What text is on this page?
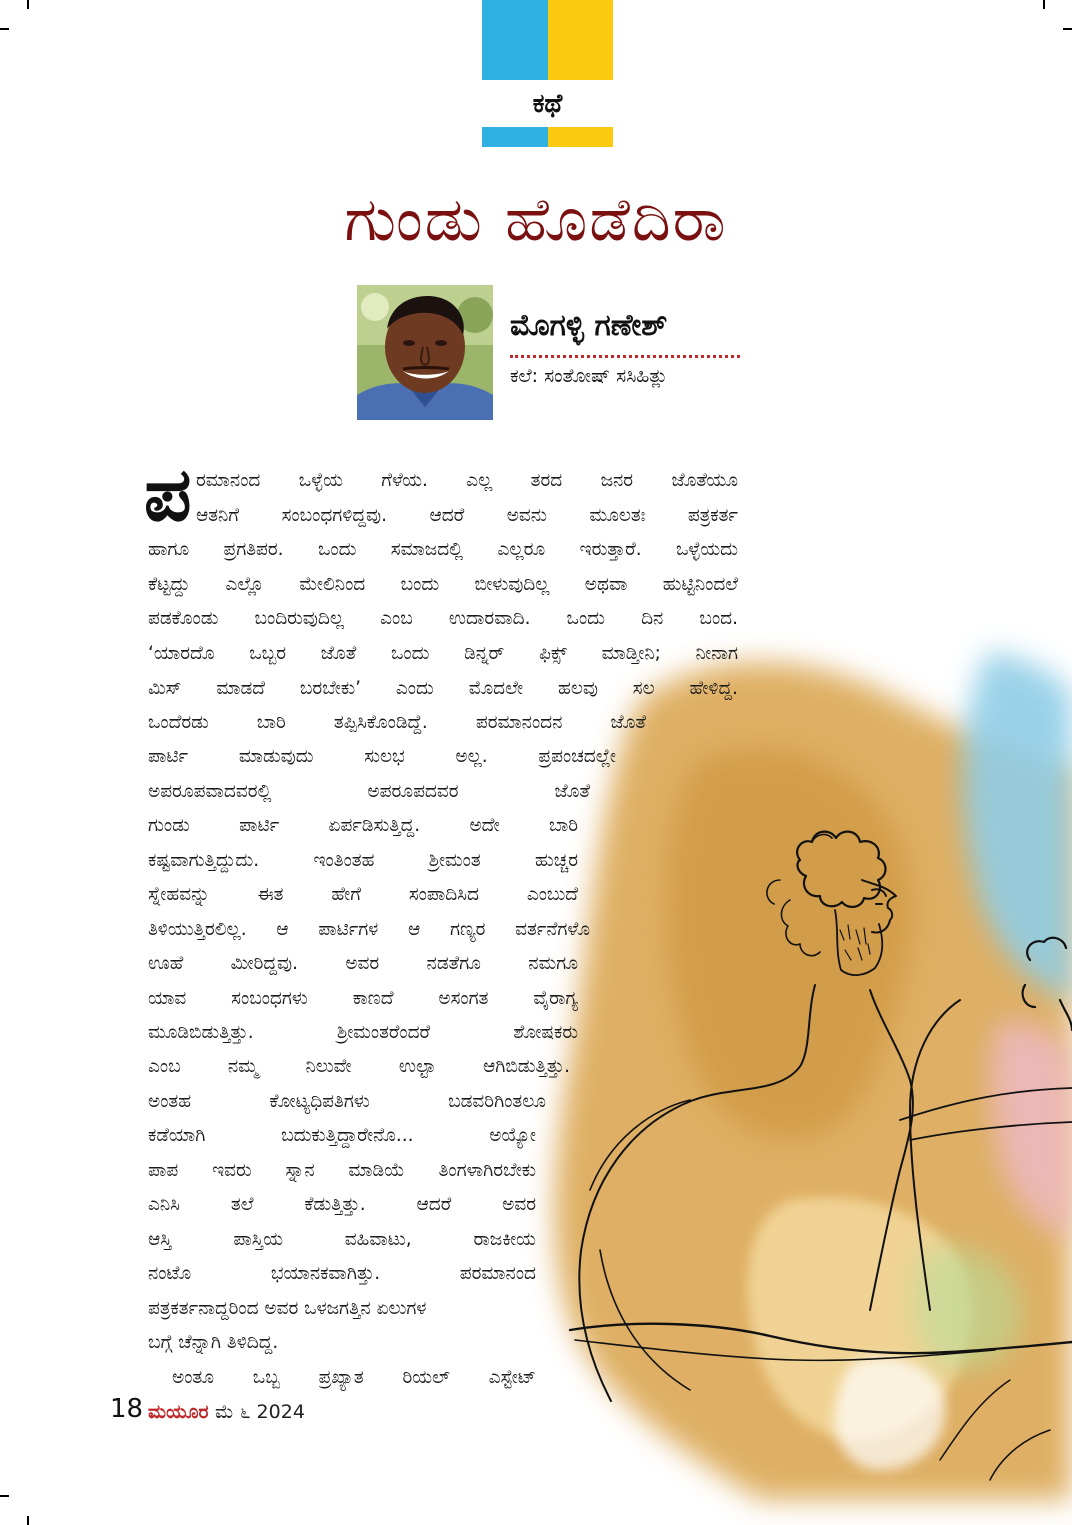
ಕಥೆ
ಗುಂಡು ಹೊಡೆದಿರಾ
ಮೊಗಳ್ಳಿ ಗಣೇಶ್
ಕಲೆ: ಸಂತೋಷ್ ಸಸಿಹಿತ್ಲು
ಪ ರಮಾನಂದ ಒಳ್ಳೆಯ ಗೆಳೆಯ. ಎಲ್ಲ ತರದ ಜನರ ಜೊತೆಯೂ
ಆತನಿಗೆ ಸಂಬಂಧಗಳಿದ್ದವು. ಆದರೆ ಅವನು ಮೂಲತಃ ಪತ್ರಕರ್ತ
ಹಾಗೂ ಪ್ರಗತಿಪರ. ಒಂದು ಸಮಾಜದಲ್ಲಿ ಎಲ್ಲರೂ ಇರುತ್ತಾರೆ. ಒಳ್ಳೆಯದು
ಕೆಟ್ಟದ್ದು ಎಲ್ಲೊ ಮೇಲಿನಿಂದ ಬಂದು ಬೀಳುವುದಿಲ್ಲ ಅಥವಾ ಹುಟ್ಟಿನಿಂದಲೆ
ಪಡಕೊಂಡು ಬಂದಿರುವುದಿಲ್ಲ ಎಂಬ ಉದಾರವಾದಿ. ಒಂದು ದಿನ ಬಂದ.
‘ಯಾರದೊ ಒಬ್ಬರ ಜೊತೆ ಒಂದು ಡಿನ್ನರ್ ಫಿಕ್ಸ್ ಮಾಡ್ತೀನಿ; ನೀನಾಗ
ಮಿಸ್ ಮಾಡದೆ ಬರಬೇಕು’ ಎಂದು ಮೊದಲೇ ಹಲವು ಸಲ ಹೇಳಿದ್ದ.
ಒಂದೆರಡು ಬಾರಿ ತಪ್ಪಿಸಿಕೊಂಡಿದ್ದೆ. ಪರಮಾನಂದನ ಜೊತೆ
ಪಾರ್ಟಿ ಮಾಡುವುದು ಸುಲಭ ಅಲ್ಲ. ಪ್ರಪಂಚದಲ್ಲೇ
ಅಪರೂಪವಾದವರಲ್ಲಿ ಅಪರೂಪದವರ ಜೊತೆ
ಗುಂಡು ಪಾರ್ಟಿ ಏರ್ಪಡಿಸುತ್ತಿದ್ದ. ಅದೇ ಬಾರಿ
ಕಷ್ಟವಾಗುತ್ತಿದ್ದುದು. ಇಂತಿಂತಹ ಶ್ರೀಮಂತ ಹುಚ್ಚರ
ಸ್ನೇಹವನ್ನು ಈತ ಹೇಗೆ ಸಂಪಾದಿಸಿದ ಎಂಬುದೆ
ತಿಳಿಯುತ್ತಿರಲಿಲ್ಲ. ಆ ಪಾರ್ಟಿಗಳ ಆ ಗಣ್ಯರ ವರ್ತನೆಗಳೊ
ಊಹೆ ಮೀರಿದ್ದವು. ಅವರ ನಡತೆಗೂ ನಮಗೂ
ಯಾವ ಸಂಬಂಧಗಳು ಕಾಣದೆ ಅಸಂಗತ ವೈರಾಗ್ಯ
ಮೂಡಿಬಿಡುತ್ತಿತ್ತು. ಶ್ರೀಮಂತರೆಂದರೆ ಶೋಷಕರು
ಎಂಬ ನಮ್ಮ ನಿಲುವೇ ಉಲ್ಟಾ ಆಗಿಬಿಡುತ್ತಿತ್ತು.
ಅಂತಹ ಕೋಟ್ಯಧಿಪತಿಗಳು ಬಡವರಿಗಿಂತಲೂ
ಕಡೆಯಾಗಿ ಬದುಕುತ್ತಿದ್ದಾರೇನೊ... ಅಯ್ಯೋ
ಪಾಪ ಇವರು ಸ್ನಾನ ಮಾಡಿಯೆ ತಿಂಗಳಾಗಿರಬೇಕು
ಎನಿಸಿ ತಲೆ ಕೆಡುತ್ತಿತ್ತು. ಆದರೆ ಅವರ
ಆಸ್ತಿ ಪಾಸ್ತಿಯ ವಹಿವಾಟು, ರಾಜಕೀಯ
ನಂಟೊ ಭಯಾನಕವಾಗಿತ್ತು. ಪರಮಾನಂದ
ಪತ್ರಕರ್ತನಾದ್ದರಿಂದ ಅವರ ಒಳಜಗತ್ತಿನ ಏಲುಗಳ
ಬಗ್ಗೆ ಚೆನ್ನಾಗಿ ತಿಳಿದಿದ್ದ.
ಅಂತೂ ಒಬ್ಬ ಪ್ರಖ್ಯಾತ ರಿಯಲ್ ಎಸ್ಟೇಟ್
18 ಮಯೂರ ಮೆ ೬ 2024
